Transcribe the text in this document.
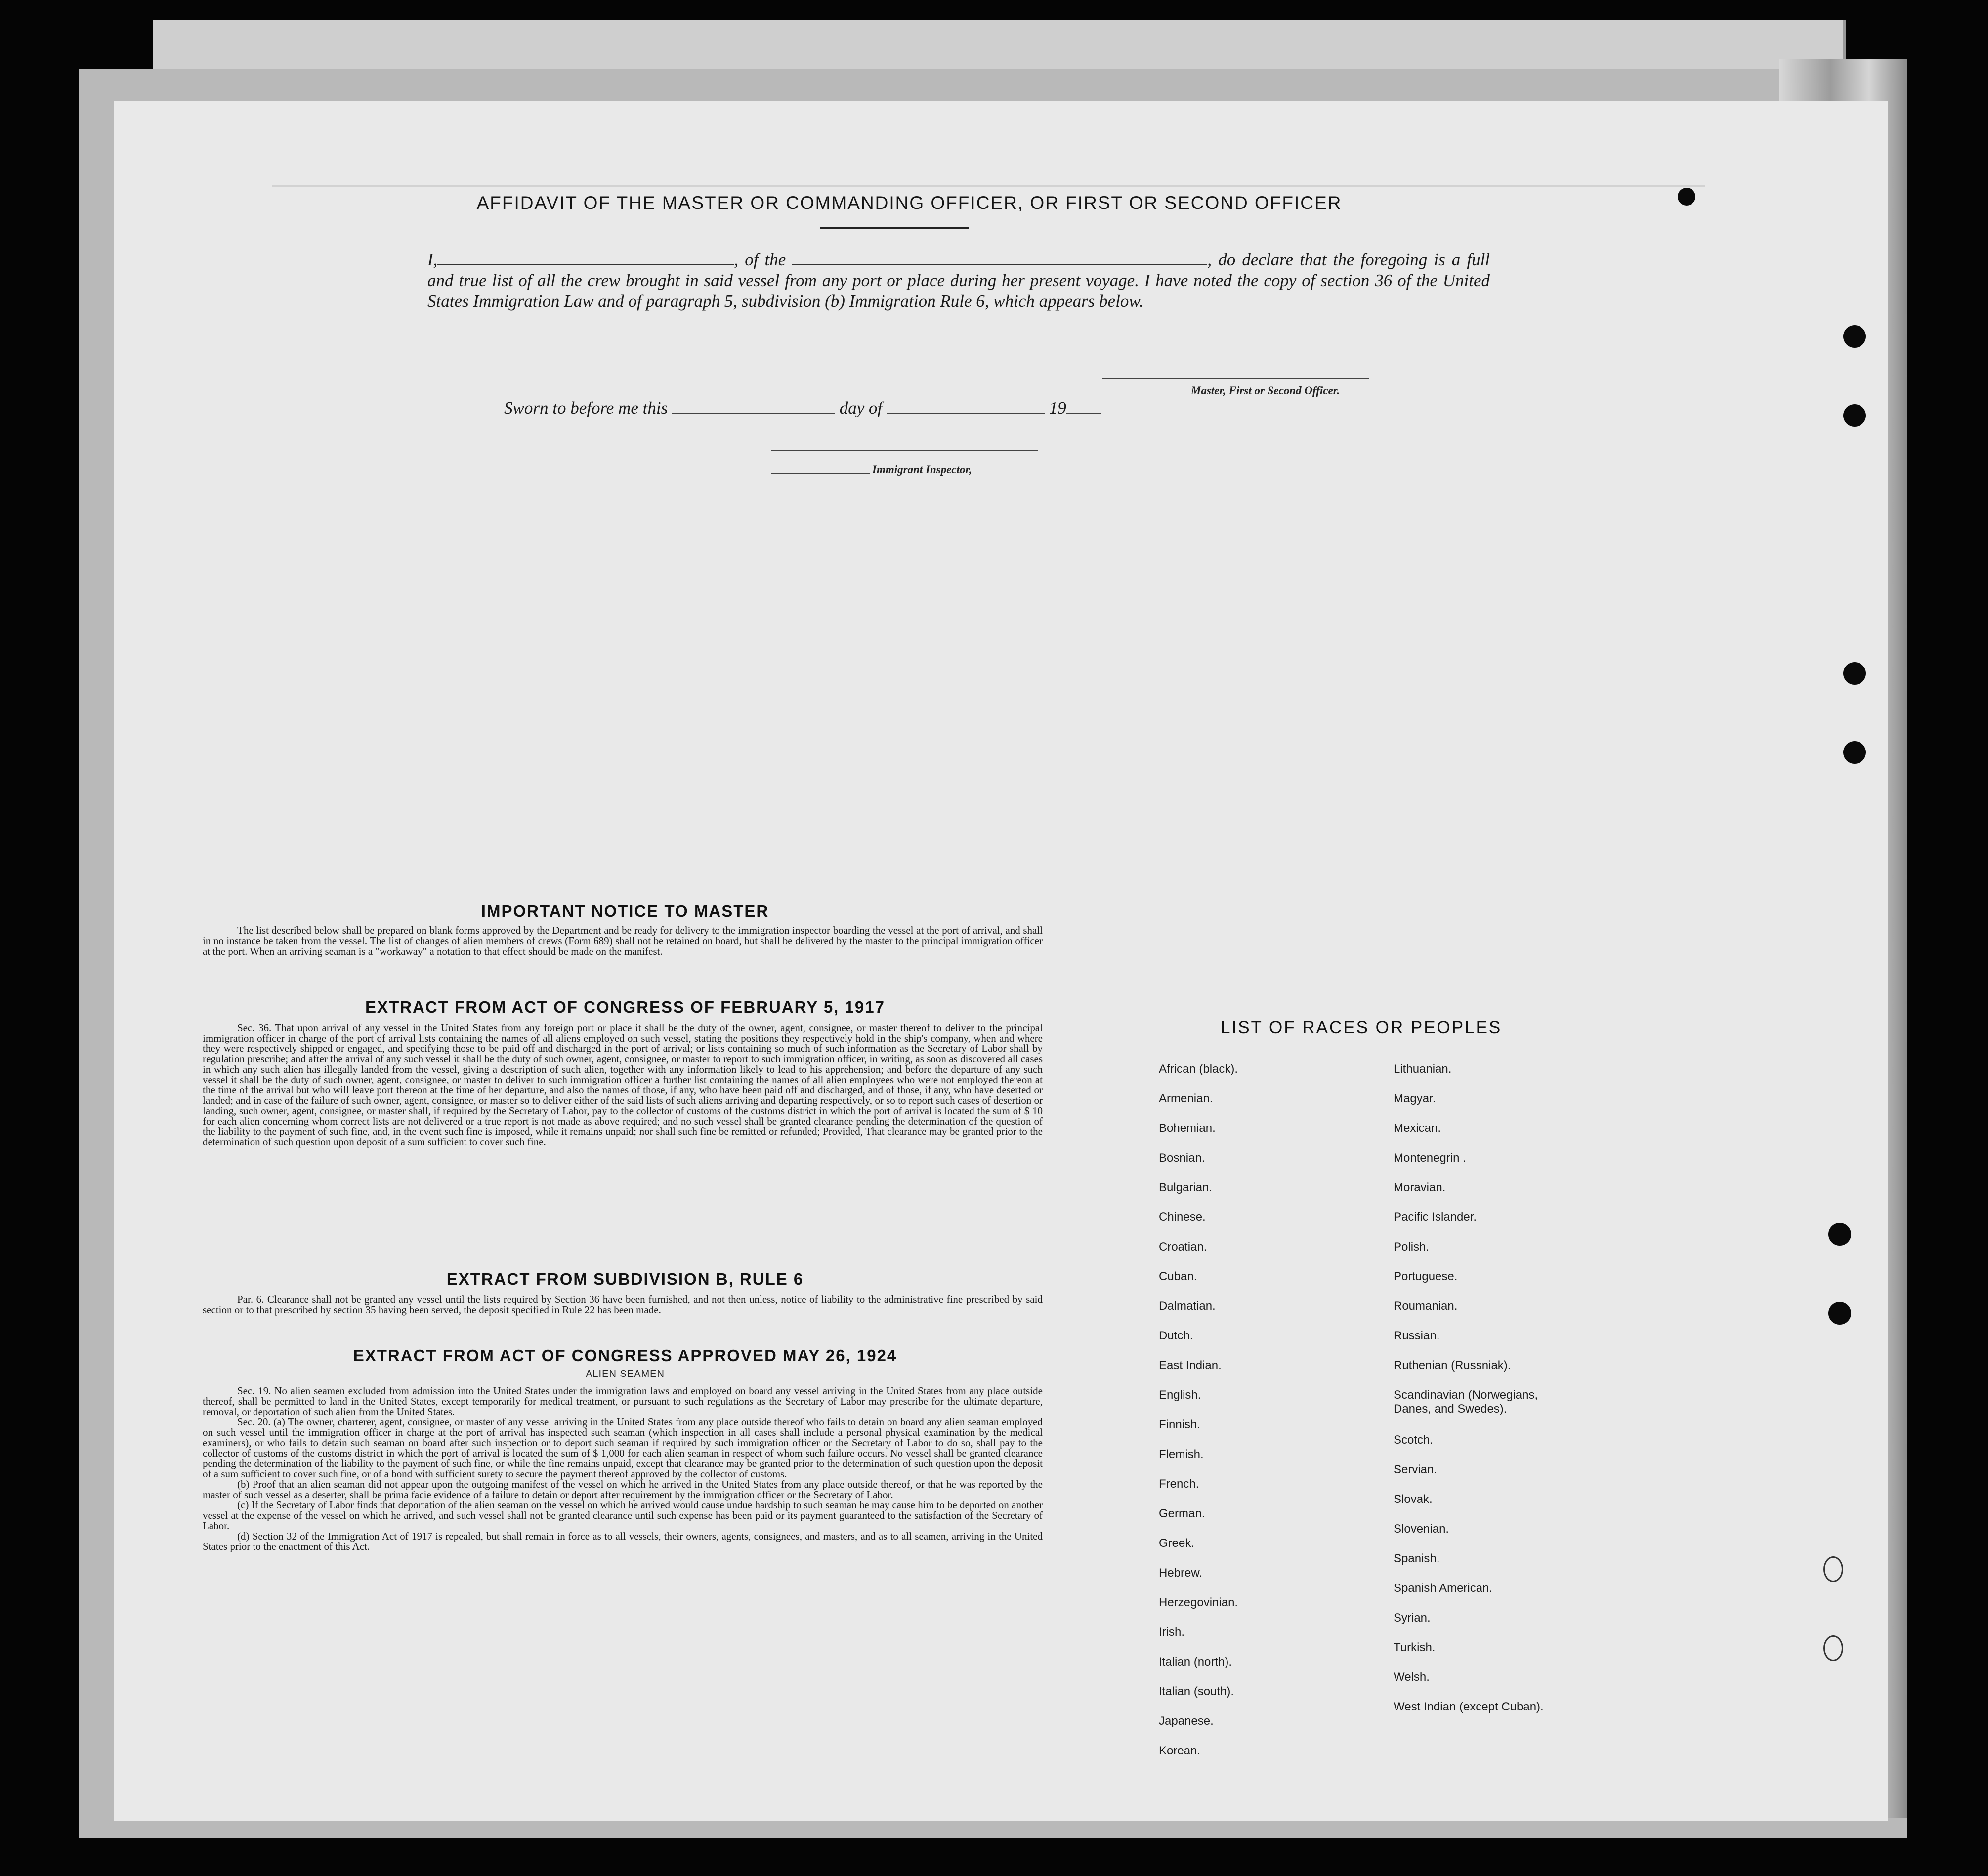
AFFIDAVIT OF THE MASTER OR COMMANDING OFFICER, OR FIRST OR SECOND OFFICER
I,	, of the	, do declare that the foregoing is a full and true list of all the crew brought in said vessel from any port or place during her present voyage. I have noted the copy of section 36 of the United States Immigration Law and of paragraph 5, subdivision (b) Immigration Rule 6, which appears below.
Master, First or Second Officer.
Sworn to before me this	day of	19
Immigrant Inspector,
IMPORTANT NOTICE TO MASTER

The list described below shall be prepared on blank forms approved by the Department and be ready for delivery to the immigration inspector boarding the vessel at the port of arrival, and shall in no instance be taken from the vessel. The list of changes of alien members of crews (Form 689) shall not be retained on board, but shall be delivered by the master to the principal immigration officer at the port. When an arriving seaman is a "workaway" a notation to that effect should be made on the manifest.

EXTRACT FROM ACT OF CONGRESS OF FEBRUARY 5, 1917

Sec. 36. That upon arrival of any vessel in the United States from any foreign port or place it shall be the duty of the owner, agent, consignee, or master thereof to deliver to the principal immigration officer in charge of the port of arrival lists containing the names of all aliens employed on such vessel, stating the positions they respectively hold in the ship's company, when and where they were respectively shipped or engaged, and specifying those to be paid off and discharged in the port of arrival; or lists containing so much of such information as the Secretary of Labor shall by regulation prescribe; and after the arrival of any such vessel it shall be the duty of such owner, agent, consignee, or master to report to such immigration officer, in writing, as soon as discovered all cases in which any such alien has illegally landed from the vessel, giving a description of such alien, together with any information likely to lead to his apprehension; and before the departure of any such vessel it shall be the duty of such owner, agent, consignee, or master to deliver to such immigration officer a further list containing the names of all alien employees who were not employed thereon at the time of the arrival but who will leave port thereon at the time of her departure, and also the names of those, if any, who have been paid off and discharged, and of those, if any, who have deserted or landed; and in case of the failure of such owner, agent, consignee, or master so to deliver either of the said lists of such aliens arriving and departing respectively, or so to report such cases of desertion or landing, such owner, agent, consignee, or master shall, if required by the Secretary of Labor, pay to the collector of customs of the customs district in which the port of arrival is located the sum of $ 10 for each alien concerning whom correct lists are not delivered or a true report is not made as above required; and no such vessel shall be granted clearance pending the determination of the question of the liability to the payment of such fine, and, in the event such fine is imposed, while it remains unpaid; nor shall such fine be remitted or refunded; Provided, That clearance may be granted prior to the determination of such question upon deposit of a sum sufficient to cover such fine.

EXTRACT FROM SUBDIVISION B, RULE 6

Par. 6. Clearance shall not be granted any vessel until the lists required by Section 36 have been furnished, and not then unless, notice of liability to the administrative fine prescribed by said section or to that prescribed by section 35 having been served, the deposit specified in Rule 22 has been made.

EXTRACT FROM ACT OF CONGRESS APPROVED MAY 26, 1924
ALIEN SEAMEN

Sec. 19. No alien seamen excluded from admission into the United States under the immigration laws and employed on board any vessel arriving in the United States from any place outside thereof, shall be permitted to land in the United States, except temporarily for medical treatment, or pursuant to such regulations as the Secretary of Labor may prescribe for the ultimate departure, removal, or deportation of such alien from the United States.

Sec. 20. (a) The owner, charterer, agent, consignee, or master of any vessel arriving in the United States from any place outside thereof who fails to detain on board any alien seaman employed on such vessel until the immigration officer in charge at the port of arrival has inspected such seaman (which inspection in all cases shall include a personal physical examination by the medical examiners), or who fails to detain such seaman on board after such inspection or to deport such seaman if required by such immigration officer or the Secretary of Labor to do so, shall pay to the collector of customs of the customs district in which the port of arrival is located the sum of $ 1,000 for each alien seaman in respect of whom such failure occurs. No vessel shall be granted clearance pending the determination of the liability to the payment of such fine, or while the fine remains unpaid, except that clearance may be granted prior to the determination of such question upon the deposit of a sum sufficient to cover such fine, or of a bond with sufficient surety to secure the payment thereof approved by the collector of customs.

(b) Proof that an alien seaman did not appear upon the outgoing manifest of the vessel on which he arrived in the United States from any place outside thereof, or that he was reported by the master of such vessel as a deserter, shall be prima facie evidence of a failure to detain or deport after requirement by the immigration officer or the Secretary of Labor.

(c) If the Secretary of Labor finds that deportation of the alien seaman on the vessel on which he arrived would cause undue hardship to such seaman he may cause him to be deported on another vessel at the expense of the vessel on which he arrived, and such vessel shall not be granted clearance until such expense has been paid or its payment guaranteed to the satisfaction of the Secretary of Labor.

(d) Section 32 of the Immigration Act of 1917 is repealed, but shall remain in force as to all vessels, their owners, agents, consignees, and masters, and as to all seamen, arriving in the United States prior to the enactment of this Act.

LIST OF RACES OR PEOPLES
African (black).
Armenian.
Bohemian.
Bosnian.
Bulgarian.
Chinese.
Croatian.
Cuban.
Dalmatian.
Dutch.
East Indian.
English.
Finnish.
Flemish.
French.
German.
Greek.
Hebrew.
Herzegovinian.
Irish.
Italian (north).
Italian (south).
Japanese.
Korean.
Lithuanian.
Magyar.
Mexican.
Montenegrin .
Moravian.
Pacific Islander.
Polish.
Portuguese.
Roumanian.
Russian.
Ruthenian (Russniak).
Scandinavian (Norwegians, Danes, and Swedes).
Scotch.
Servian.
Slovak.
Slovenian.
Spanish.
Spanish American.
Syrian.
Turkish.
Welsh.
West Indian (except Cuban).
